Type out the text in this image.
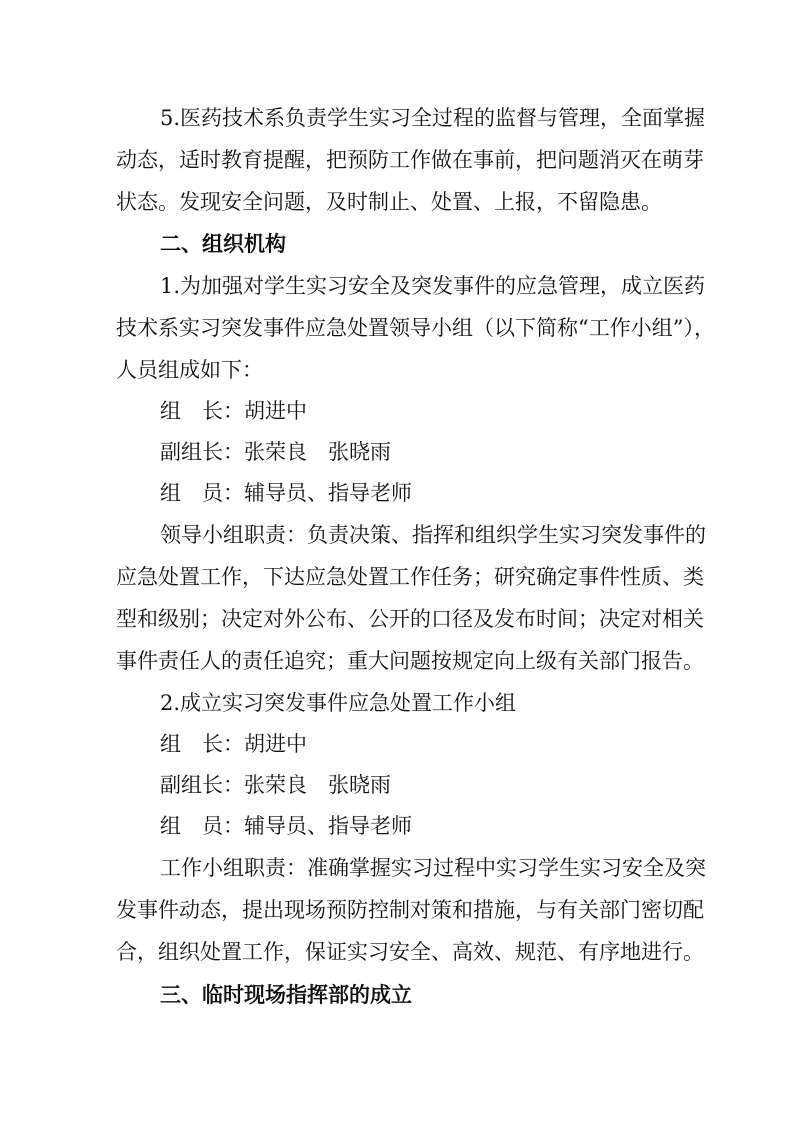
5.医药技术系负责学生实习全过程的监督与管理，全面掌握

动态，适时教育提醒，把预防工作做在事前，把问题消灭在萌芽

状态。发现安全问题，及时制止、处置、上报，不留隐患。

二、组织机构

1.为加强对学生实习安全及突发事件的应急管理，成立医药

技术系实习突发事件应急处置领导小组（以下简称“工作小组”），

人员组成如下：

组　长：胡进中

副组长：张荣良　张晓雨

组　员：辅导员、指导老师

领导小组职责：负责决策、指挥和组织学生实习突发事件的

应急处置工作，下达应急处置工作任务；研究确定事件性质、类

型和级别；决定对外公布、公开的口径及发布时间；决定对相关

事件责任人的责任追究；重大问题按规定向上级有关部门报告。

2.成立实习突发事件应急处置工作小组

组　长：胡进中

副组长：张荣良　张晓雨

组　员：辅导员、指导老师

工作小组职责：准确掌握实习过程中实习学生实习安全及突

发事件动态，提出现场预防控制对策和措施，与有关部门密切配

合，组织处置工作，保证实习安全、高效、规范、有序地进行。

三、临时现场指挥部的成立
